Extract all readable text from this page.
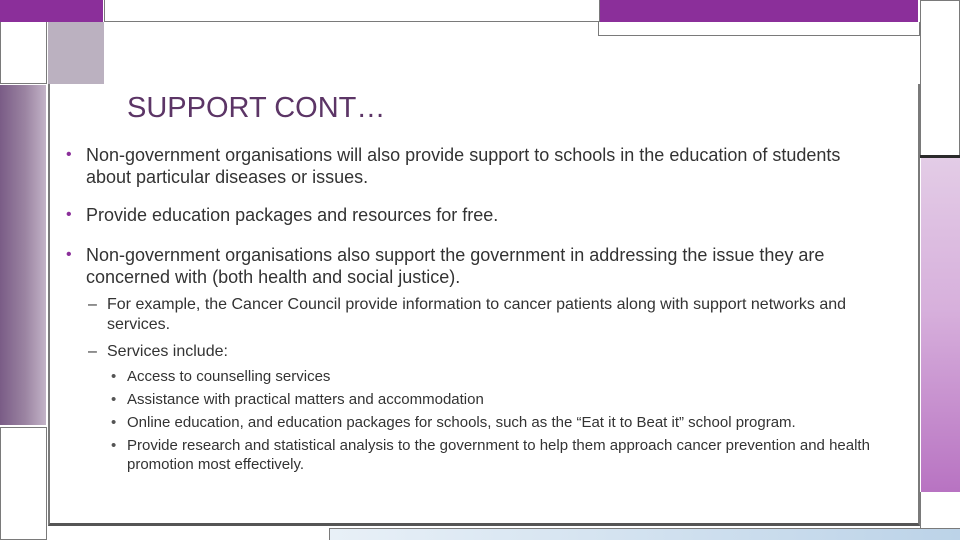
SUPPORT CONT…
• Non-government organisations will also provide support to schools in the education of students about particular diseases or issues.
• Provide education packages and resources for free.
• Non-government organisations also support the government in addressing the issue they are concerned with (both health and social justice).
– For example, the Cancer Council provide information to cancer patients along with support networks and services.
– Services include:
• Access to counselling services
• Assistance with practical matters and accommodation
• Online education, and education packages for schools, such as the “Eat it to Beat it” school program.
• Provide research and statistical analysis to the government to help them approach cancer prevention and health promotion most effectively.
